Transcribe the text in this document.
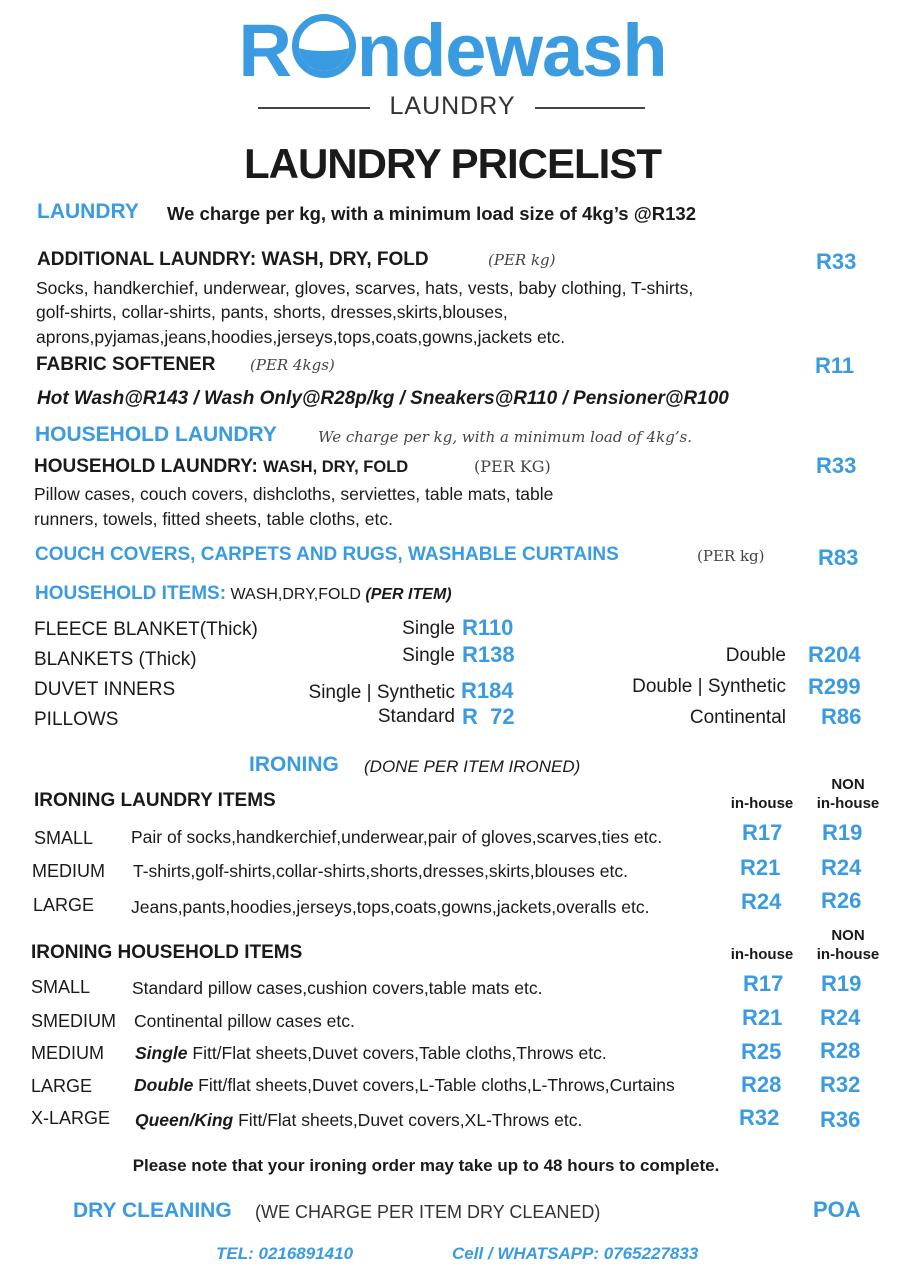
R ndewash
LAUNDRY
LAUNDRY PRICELIST
LAUNDRY We charge per kg, with a minimum load size of 4kg’s @R132
ADDITIONAL LAUNDRY: WASH, DRY, FOLD	(PER kg)	R33
Socks, handkerchief, underwear, gloves, scarves, hats, vests, baby clothing, T-shirts,
golf-shirts, collar-shirts, pants, shorts, dresses,skirts,blouses,
aprons,pyjamas,jeans,hoodies,jerseys,tops,coats,gowns,jackets etc.
FABRIC SOFTENER (PER 4kgs)	R11
Hot Wash@R143 / Wash Only@R28p/kg / Sneakers@R110 / Pensioner@R100
HOUSEHOLD LAUNDRY	We charge per kg, with a minimum load of 4kg’s.
HOUSEHOLD LAUNDRY: WASH, DRY, FOLD	(PER KG)	R33
Pillow cases, couch covers, dishcloths, serviettes, table mats, table
runners, towels, fitted sheets, table cloths, etc.
COUCH COVERS, CARPETS AND RUGS, WASHABLE CURTAINS	(PER kg) R83
HOUSEHOLD ITEMS: WASH,DRY,FOLD (PER ITEM)
FLEECE BLANKET(Thick)	Single R110
BLANKETS (Thick)	Single R138	Double R204
DUVET INNERS	Single | Synthetic R184	Double | Synthetic R299
PILLOWS	Standard R  72	Continental R86
IRONING (DONE PER ITEM IRONED)
IRONING LAUNDRY ITEMS	in-house
NON
in-house
SMALL Pair of socks,handkerchief,underwear,pair of gloves,scarves,ties etc.	R17 R19
MEDIUM T-shirts,golf-shirts,collar-shirts,shorts,dresses,skirts,blouses etc.	R21 R24
LARGE Jeans,pants,hoodies,jerseys,tops,coats,gowns,jackets,overalls etc.	R24 R26
IRONING HOUSEHOLD ITEMS	in-house
NON
in-house
SMALL Standard pillow cases,cushion covers,table mats etc.	R17 R19
SMEDIUM Continental pillow cases etc.	R21 R24
MEDIUM Single Fitt/Flat sheets,Duvet covers,Table cloths,Throws etc.	R25 R28
LARGE Double Fitt/flat sheets,Duvet covers,L-Table cloths,L-Throws,Curtains	R28 R32
X-LARGE Queen/King Fitt/Flat sheets,Duvet covers,XL-Throws etc.	R32 R36
Please note that your ironing order may take up to 48 hours to complete.
DRY CLEANING (WE CHARGE PER ITEM DRY CLEANED)	POA
TEL: 0216891410	Cell / WHATSAPP: 0765227833
